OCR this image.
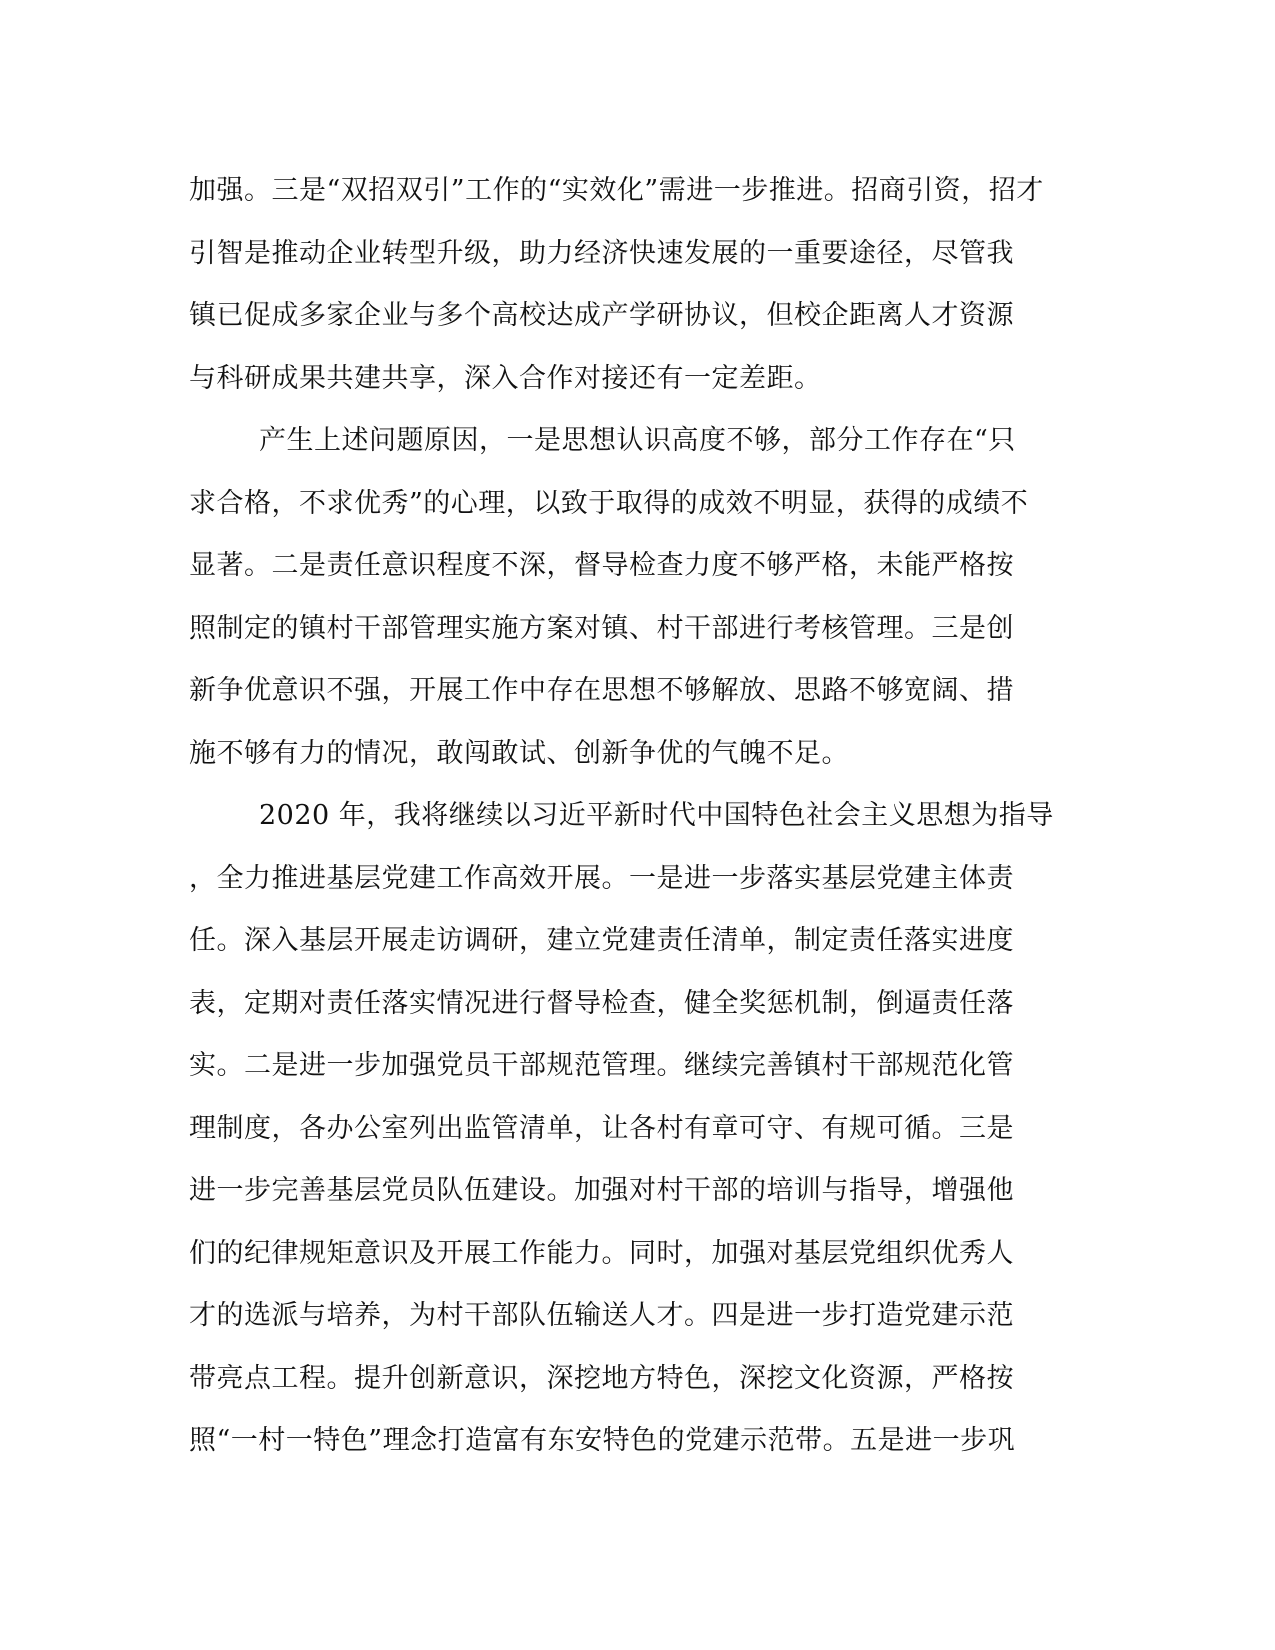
加强。三是“双招双引”工作的“实效化”需进一步推进。招商引资，招才
引智是推动企业转型升级，助力经济快速发展的一重要途径，尽管我
镇已促成多家企业与多个高校达成产学研协议，但校企距离人才资源
与科研成果共建共享，深入合作对接还有一定差距。
产生上述问题原因，一是思想认识高度不够，部分工作存在“只
求合格，不求优秀”的心理，以致于取得的成效不明显，获得的成绩不
显著。二是责任意识程度不深，督导检查力度不够严格，未能严格按
照制定的镇村干部管理实施方案对镇、村干部进行考核管理。三是创
新争优意识不强，开展工作中存在思想不够解放、思路不够宽阔、措
施不够有力的情况，敢闯敢试、创新争优的气魄不足。
2020 年，我将继续以习近平新时代中国特色社会主义思想为指导
，全力推进基层党建工作高效开展。一是进一步落实基层党建主体责
任。深入基层开展走访调研，建立党建责任清单，制定责任落实进度
表，定期对责任落实情况进行督导检查，健全奖惩机制，倒逼责任落
实。二是进一步加强党员干部规范管理。继续完善镇村干部规范化管
理制度，各办公室列出监管清单，让各村有章可守、有规可循。三是
进一步完善基层党员队伍建设。加强对村干部的培训与指导，增强他
们的纪律规矩意识及开展工作能力。同时，加强对基层党组织优秀人
才的选派与培养，为村干部队伍输送人才。四是进一步打造党建示范
带亮点工程。提升创新意识，深挖地方特色，深挖文化资源，严格按
照“一村一特色”理念打造富有东安特色的党建示范带。五是进一步巩
